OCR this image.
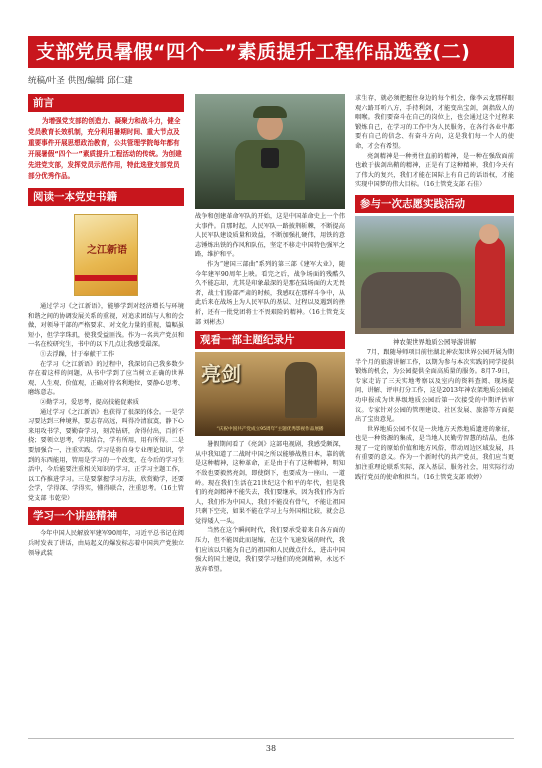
支部党员暑假“四个一”素质提升工程作品选登(二)
统稿/叶圣 供图/编辑 邱仁建
前言

为增强党支部的创造力、凝聚力和战斗力，健全党员教育长效机制，充分利用暑期时间、重大节点及重要事件开展思想政治教育，公共管理学院每年都有开展暑假“四个一”素质提升工程活动的传统。为创建先进党支部，发挥党员示范作用，特此选登支部党员部分优秀作品。

阅读一本党史书籍
之江新语

通过学习《之江新语》，能够学到对经济增长与环境和谐之间的协调发展关系的重视，对追求团结与人和的会做，对领导干部的严格要求、对文化力量的重视，篇幅虽短小，但学字珠玑，使我受益匪浅。作为一名共产党员和一名在校研究生，书中的以下几点让我感受最深。

①去浮躁，甘于奉献干工作

在学习《之江新语》的过程中，我深切自己我多数少存在着这样的问题，从书中学到了应当树立正确的世界观、人生观、价值观，正确对待名利地位，要静心思考、磨练意志。

②勤学习，爱思考，提高技能促素质

通过学习《之江新语》也获得了很深的体会。一是学习要达到三种境界，要志存高远，叫得冷清寂寞，静下心来用攻书学，要勤奋学习，刻苦钻研，舍得付出，百折不挠；要领立思考，学用结合，学有所用，用有所得。二是要加强合一，注重实践。学习是将自身专业理论知识，学到的东西能用，管用是学习的一个改变，在今后的学习生活中，今后能要注重相关知识的学习，正学习主题工作，以工作推进学习。三是要掌握学习方法，欣赏勤学，还要会学，学得深、学得实，懂得联合，注重思考。（16土管党支部 韦乾荣）

学习一个讲座精神

今年中国人民解放军建军90周年，习近平总书记在阅兵时发表了讲话，由局起义的爆发标志着中国共产党独立领导武装

战争和创建革命军队的开始，这是中国革命史上一个伟大事件。自那时起，人民军队一路披荆斩棘，不断提高人民军队建设质量和效益，不断加强扎硬伟，用铁的意志锤炼出铁的作风和队伍，坚定不移走中国特色强军之路，维护和平。

作为“建国三部曲”系列的第三部《建军大业》，随今年建军90周年上映。看完之后，战争场面的残酷久久不能忘却，尤其是印象最深的是那在陆场面的大无畏者，战士们脸部严肃的时候，我感叹在那样斗争中，从此后来在战场上为人民军队的基层、过程以及遇到的挫折，还有一批党团将士不畏艰险的精神。（16土管党支部 刘彬杰）

观看一部主题纪录片
亮剑
“庆祝中国共产党成立95周年”主题优秀影视作品展播

暑假期间看了《亮剑》这部电视剧，我感受颇深，从中我知道了二战时中国之所以能够战胜日本，靠的就是这种精神，这种革命，正是由于有了这种精神，明知不敌也要毅然亮剑，即使倒下，也要成为一座山、一道岭。现在我们生活在21世纪这个和平的年代，但是我们的亮剑精神不能失去，我们要继承，因为我们作为后人，我们作为中国人，我们不能没有骨气，不能让祖国只剩下空壳，如果不能在学习上与外国相比较，就会总觉得矮人一头。

当然在这个瞬间时代，我们要承受着来自各方面的压力，但不能因此而退缩，在这个飞速发展的时代，我们应该以只能为自己的祖国和人民做点什么，进击中国强大的国土建设，我们要学习他们的亮剑精神，永远不放弃希望。

求生存，就必须把握住身边的每个机会，像李云龙那样眼观六路耳听八方，手持利剑，才能变出宝剑，剑指敌人的咽喉。我们要奋斗在自己的岗位上，也会通过这个过程来锻炼自己，在学习的工作中为人民服务，在各行各业中都要有自己的信念、有奋斗方向，这是我们每一个人的使命，才会有希望。

亮剑精神是一种勇往直前的精神，是一种在强敌面前也敢于拔剑出鞘的精神，正是有了这种精神，我们今天有了伟大的复兴，我们才能在国际上有自己的话语权，才能实现中国梦的伟大目标。（16土管党支部 石佳）

参与一次志愿实践活动
神农架世界地质公园导游讲解

7月，跟随导师项目前往湖北神农架世界公园开展为期半个月的旅游讲解工作，以期为参与本次实践的同学提供锻炼的机会，为公园提供全面高质量的服务。8月7-9日，专家走访了三天实地考察以及室内的资料查阅、现场提问、讲解、评审打分工作，这是2013年神农架地质公园成功申报成为世界级地质公园后第一次接受的中期评估审议。专家针对公园的管理建设、社区发展、旅游等方面提出了宝贵意见。

世界地质公园不仅是一块地方天然地质遗迹的象征，也是一种资源的集成，是当地人民勤劳智慧的结晶，也体现了一定的原始价值和地方风俗，带动周边区域发展，具有重要的意义。作为一个新时代的共产党员，我们应当更加注重理论联系实际，深入基层、服务社会，用实际行动践行党员的使命和担当。（16土管党支部 欧婷）

38
